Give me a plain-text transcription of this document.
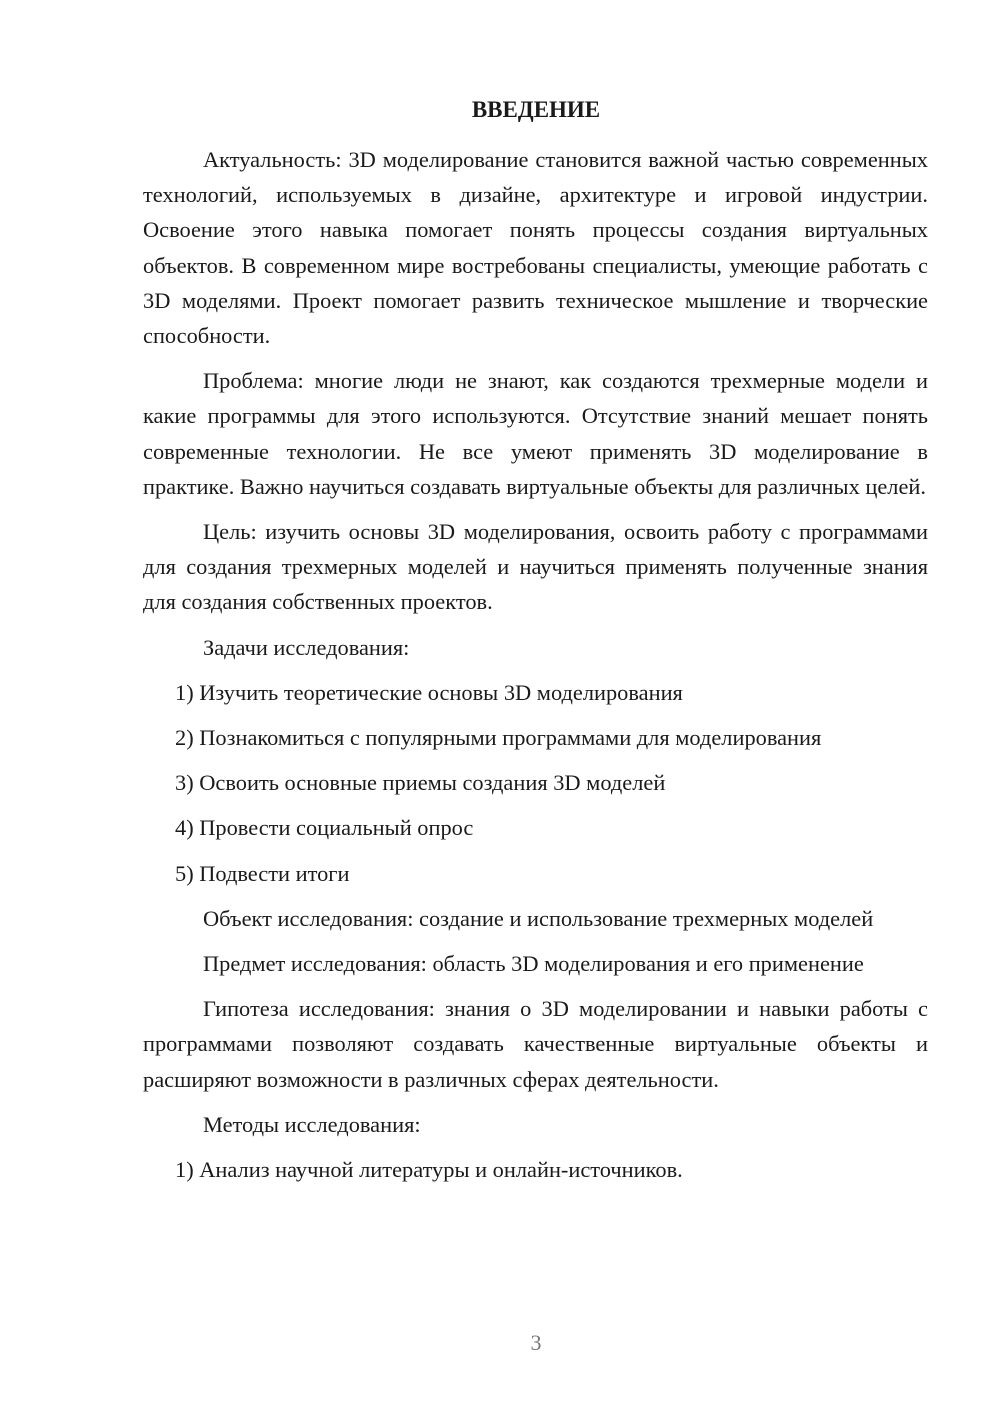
ВВЕДЕНИЕ

Актуальность: 3D моделирование становится важной частью современных технологий, используемых в дизайне, архитектуре и игровой индустрии. Освоение этого навыка помогает понять процессы создания виртуальных объектов. В современном мире востребованы специалисты, умеющие работать с 3D моделями. Проект помогает развить техническое мышление и творческие способности.

Проблема: многие люди не знают, как создаются трехмерные модели и какие программы для этого используются. Отсутствие знаний мешает понять современные технологии. Не все умеют применять 3D моделирование в практике. Важно научиться создавать виртуальные объекты для различных целей.

Цель: изучить основы 3D моделирования, освоить работу с программами для создания трехмерных моделей и научиться применять полученные знания для создания собственных проектов.

Задачи исследования:

1) Изучить теоретические основы 3D моделирования

2) Познакомиться с популярными программами для моделирования

3) Освоить основные приемы создания 3D моделей

4) Провести социальный опрос

5) Подвести итоги

Объект исследования: создание и использование трехмерных моделей

Предмет исследования: область 3D моделирования и его применение

Гипотеза исследования: знания о 3D моделировании и навыки работы с программами позволяют создавать качественные виртуальные объекты и расширяют возможности в различных сферах деятельности.

Методы исследования:

1) Анализ научной литературы и онлайн-источников.

3
